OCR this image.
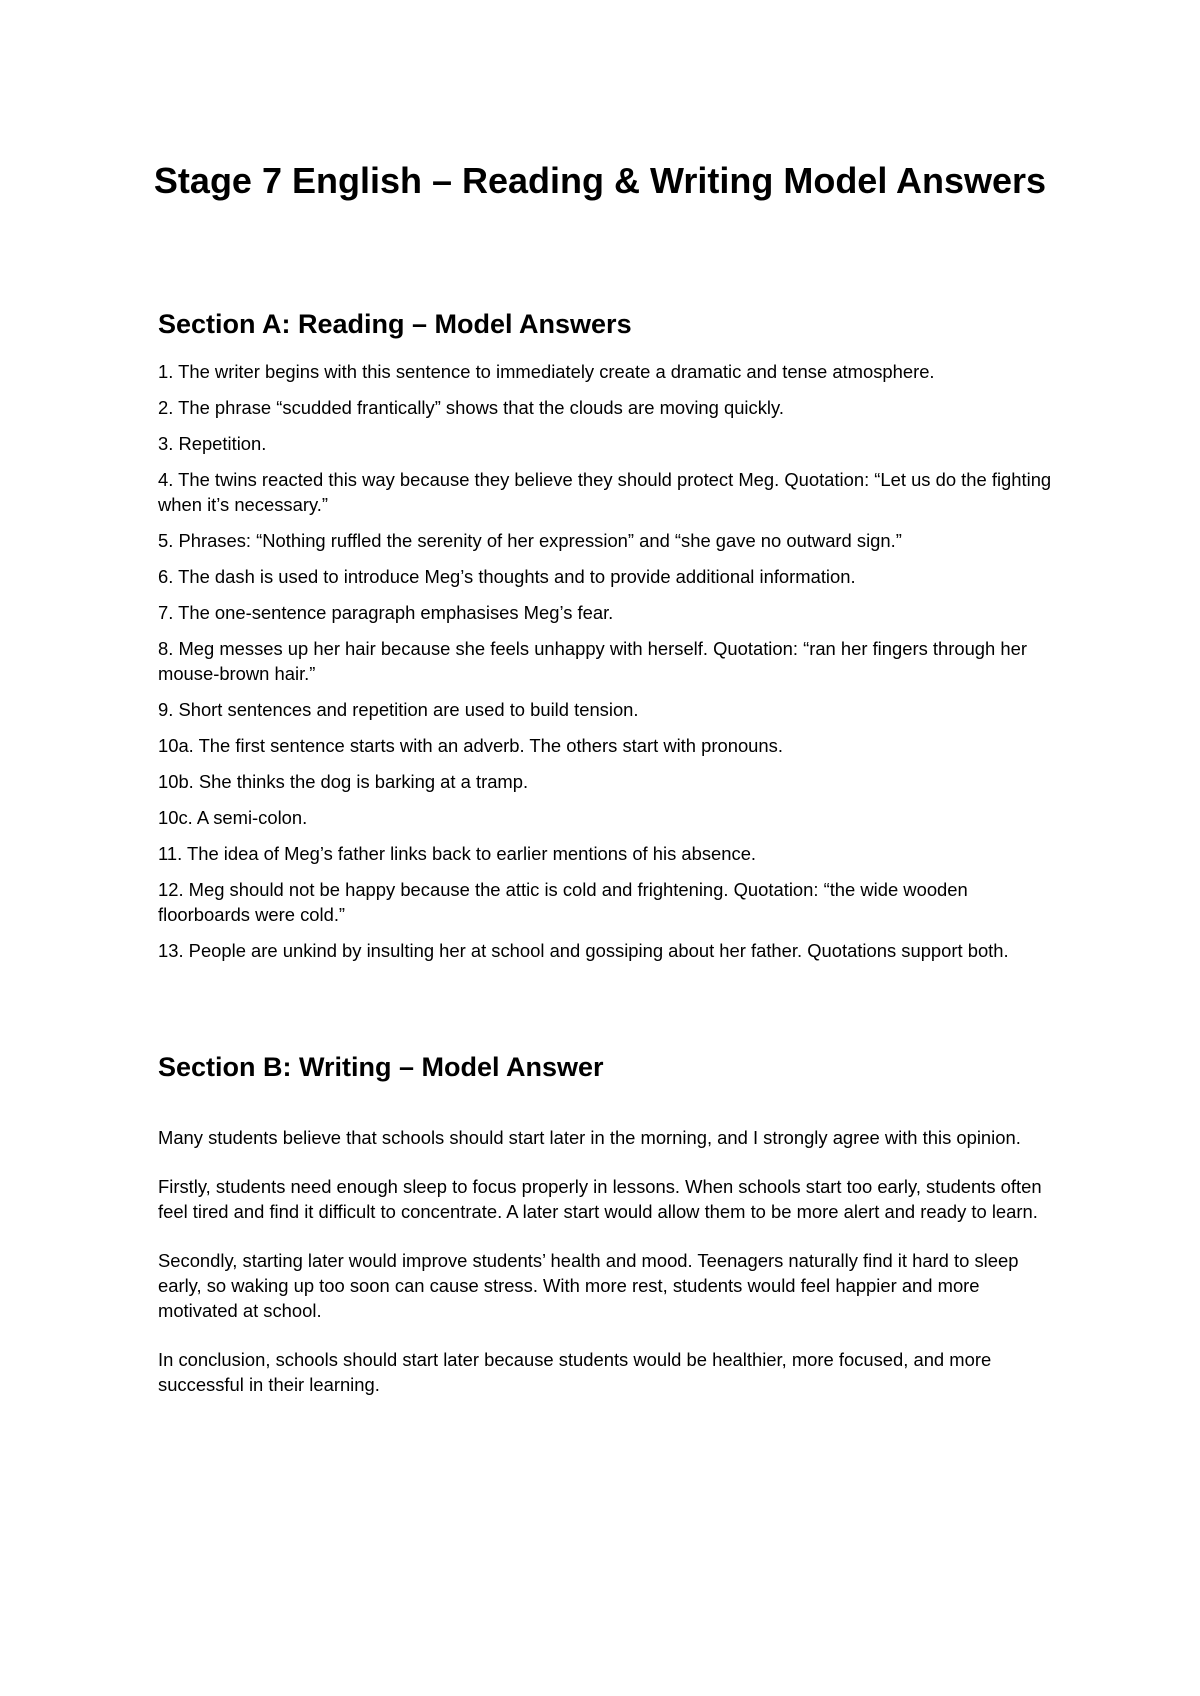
Stage 7 English – Reading & Writing Model Answers
Section A: Reading – Model Answers
1. The writer begins with this sentence to immediately create a dramatic and tense atmosphere.
2. The phrase “scudded frantically” shows that the clouds are moving quickly.
3. Repetition.
4. The twins reacted this way because they believe they should protect Meg. Quotation: “Let us do the fighting when it’s necessary.”
5. Phrases: “Nothing ruffled the serenity of her expression” and “she gave no outward sign.”
6. The dash is used to introduce Meg’s thoughts and to provide additional information.
7. The one-sentence paragraph emphasises Meg’s fear.
8. Meg messes up her hair because she feels unhappy with herself. Quotation: “ran her fingers through her mouse-brown hair.”
9. Short sentences and repetition are used to build tension.
10a. The first sentence starts with an adverb. The others start with pronouns.
10b. She thinks the dog is barking at a tramp.
10c. A semi-colon.
11. The idea of Meg’s father links back to earlier mentions of his absence.
12. Meg should not be happy because the attic is cold and frightening. Quotation: “the wide wooden floorboards were cold.”
13. People are unkind by insulting her at school and gossiping about her father. Quotations support both.
Section B: Writing – Model Answer

Many students believe that schools should start later in the morning, and I strongly agree with this opinion.

Firstly, students need enough sleep to focus properly in lessons. When schools start too early, students often feel tired and find it difficult to concentrate. A later start would allow them to be more alert and ready to learn.

Secondly, starting later would improve students’ health and mood. Teenagers naturally find it hard to sleep early, so waking up too soon can cause stress. With more rest, students would feel happier and more motivated at school.

In conclusion, schools should start later because students would be healthier, more focused, and more successful in their learning.
